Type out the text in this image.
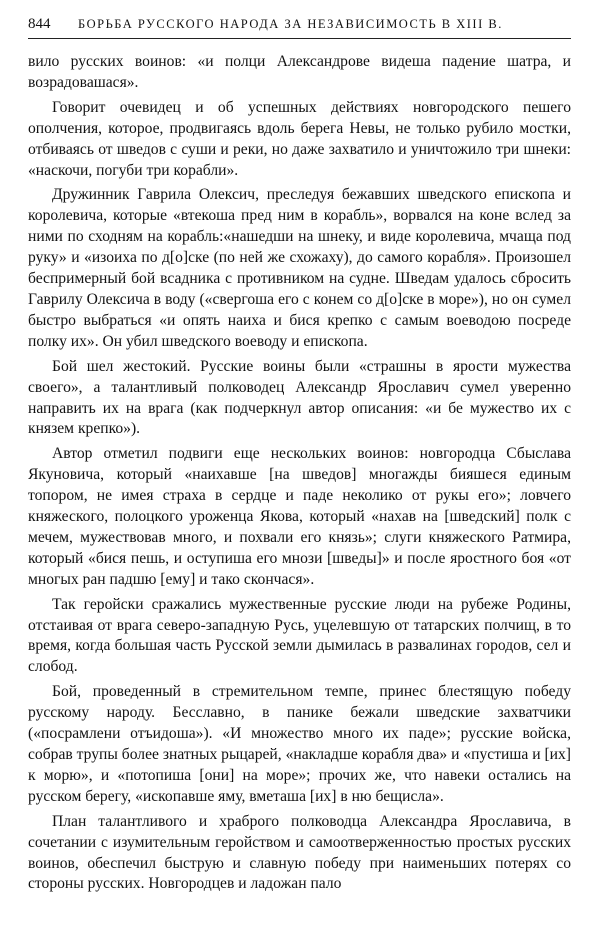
844	БОРЬБА РУССКОГО НАРОДА ЗА НЕЗАВИСИМОСТЬ В XIII В.

вило русских воинов: «и полци Александрове видеша падение шатра, и возрадовашася».

Говорит очевидец и об успешных действиях новгородского пешего ополчения, которое, продвигаясь вдоль берега Невы, не только рубило мостки, отбиваясь от шведов с суши и реки, но даже захватило и уничтожило три шнеки: «наскочи, погуби три корабли».

Дружинник Гаврила Олексич, преследуя бежавших шведского епископа и королевича, которые «втекоша пред ним в корабль», ворвался на коне вслед за ними по сходням на корабль:«нашедши на шнеку, и виде королевича, мчаща под руку» и «изоиха по д[о]ске (по ней же схожаху), до самого корабля». Произошел беспримерный бой всадника с противником на судне. Шведам удалось сбросить Гаврилу Олексича в воду («свергоша его с конем со д[о]ске в море»), но он сумел быстро выбраться «и опять наиха и бися крепко с самым воеводою посреде полку их». Он убил шведского воеводу и епископа.

Бой шел жестокий. Русские воины были «страшны в ярости мужества своего», а талантливый полководец Александр Ярославич сумел уверенно направить их на врага (как подчеркнул автор описания: «и бе мужество их с князем крепко»).

Автор отметил подвиги еще нескольких воинов: новгородца Сбыслава Якуновича, который «наихавше [на шведов] многажды бияшеся единым топором, не имея страха в сердце и паде неколико от рукы его»; ловчего княжеского, полоцкого уроженца Якова, который «нахав на [шведский] полк с мечем, мужествовав много, и похвали его князь»; слуги княжеского Ратмира, который «бися пешь, и оступиша его мнози [шведы]» и после яростного боя «от многых ран падшю [ему] и тако скончася».

Так геройски сражались мужественные русские люди на рубеже Родины, отстаивая от врага северо-западную Русь, уцелевшую от татарских полчищ, в то время, когда большая часть Русской земли дымилась в развалинах городов, сел и слобод.

Бой, проведенный в стремительном темпе, принес блестящую победу русскому народу. Бесславно, в панике бежали шведские захватчики («посрамлени отъидоша»). «И множество много их паде»; русские войска, собрав трупы более знатных рыцарей, «накладше корабля два» и «пустиша и [их] к морю», и «потопиша [они] на море»; прочих же, что навеки остались на русском берегу, «ископавше яму, вметаша [их] в ню бещисла».

План талантливого и храброго полководца Александра Ярославича, в сочетании с изумительным геройством и самоотверженностью простых русских воинов, обеспечил быструю и славную победу при наименьших потерях со стороны русских. Новгородцев и ладожан пало
